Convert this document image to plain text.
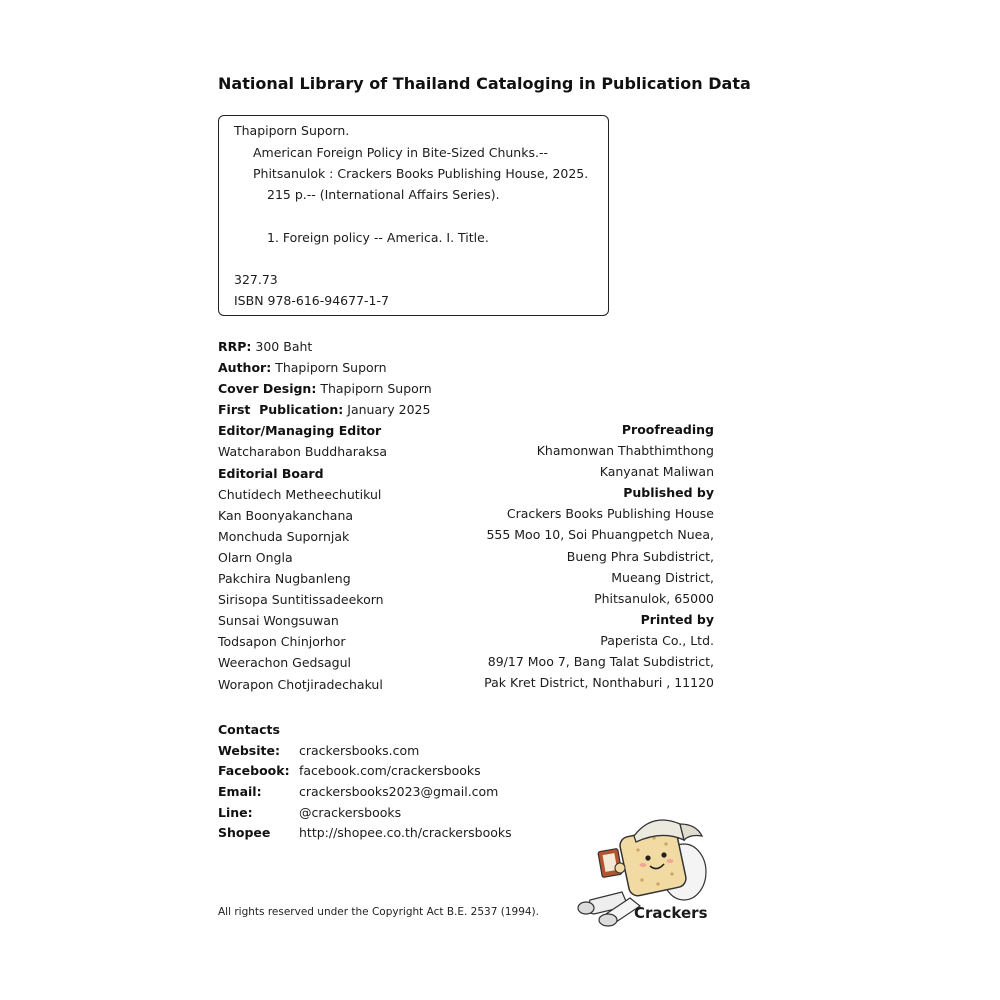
National Library of Thailand Cataloging in Publication Data
Thapiporn Suporn.
American Foreign Policy in Bite-Sized Chunks.--
Phitsanulok : Crackers Books Publishing House, 2025.
215 p.-- (International Affairs Series).
1. Foreign policy -- America. I. Title.
327.73
ISBN 978-616-94677-1-7
RRP: 300 Baht
Author: Thapiporn Suporn
Cover Design: Thapiporn Suporn
First  Publication: January 2025
Editor/Managing Editor
Watcharabon Buddharaksa
Editorial Board
Chutidech Metheechutikul
Kan Boonyakanchana
Monchuda Supornjak
Olarn Ongla
Pakchira Nugbanleng
Sirisopa Suntitissadeekorn
Sunsai Wongsuwan
Todsapon Chinjorhor
Weerachon Gedsagul
Worapon Chotjiradechakul
Proofreading
Khamonwan Thabthimthong
Kanyanat Maliwan
Published by
Crackers Books Publishing House
555 Moo 10, Soi Phuangpetch Nuea,
Bueng Phra Subdistrict,
Mueang District,
Phitsanulok, 65000
Printed by
Paperista Co., Ltd.
89/17 Moo 7, Bang Talat Subdistrict,
Pak Kret District, Nonthaburi , 11120
Contacts
Website: crackersbooks.com
Facebook: facebook.com/crackersbooks
Email:	crackersbooks2023@gmail.com
Line:	@crackersbooks
Shopee http://shopee.co.th/crackersbooks
All rights reserved under the Copyright Act B.E. 2537 (1994).	Crackers
